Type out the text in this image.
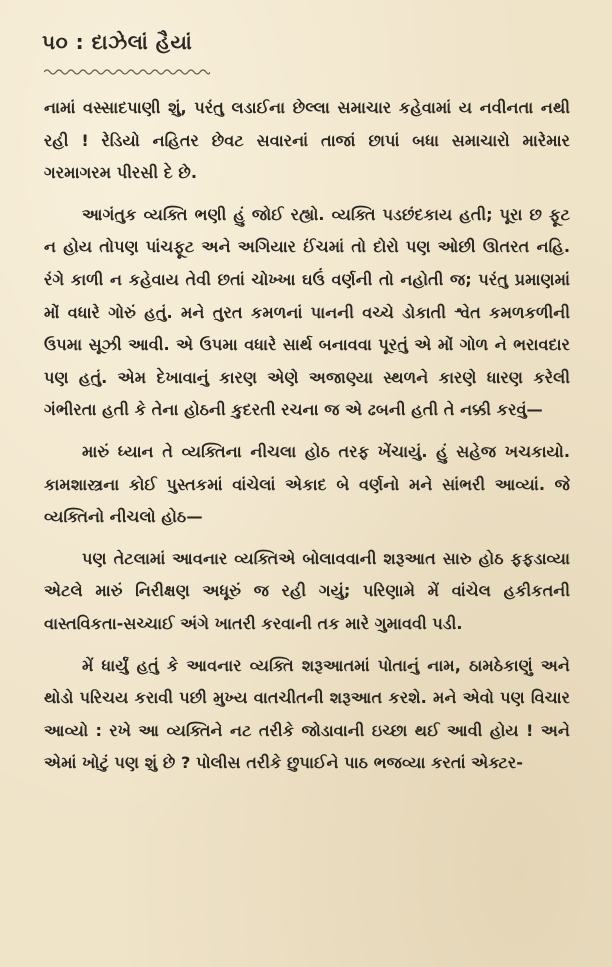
૫૦ : દાઝેલાં હૈયાં

નામાં વસ્સાદપાણી શું, પરંતુ લડાઈના છેલ્લા સમાચાર કહેવામાં ય નવીનતા નથી રહી ! રેડિયો નહિતર છેવટ સવારનાં તાજાં છાપાં બધા સમાચારો મારેમાર ગરમાગરમ પીરસી દે છે.

આગંતુક વ્યક્તિ ભણી હું જોઈ રહ્યો. વ્યક્તિ પડછંદકાય હતી; પૂરા છ ફૂટ ન હોય તોપણ પાંચફૂટ અને અગિયાર ઈંચમાં તો દોરો પણ ઓછી ઊતરત નહિ. રંગે કાળી ન કહેવાય તેવી છતાં ચોખ્ખા ઘઉં વર્ણની તો નહોતી જ; પરંતુ પ્રમાણમાં મોં વધારે ગોરું હતું. મને તુરત કમળનાં પાનની વચ્ચે ડોકાતી શ્વેત કમળકળીની ઉપમા સૂઝી આવી. એ ઉપમા વધારે સાર્થ બનાવવા પૂરતું એ મોં ગોળ ને ભરાવદાર પણ હતું. એમ દેખાવાનું કારણ એણે અજાણ્યા સ્થળને કારણે ધારણ કરેલી ગંભીરતા હતી કે તેના હોઠની કુદરતી રચના જ એ ઢબની હતી તે નક્કી કરવું—

મારું ધ્યાન તે વ્યક્તિના નીચલા હોઠ તરફ ખેંચાયું. હું સહેજ ખચકાયો. કામશાસ્ત્રના કોઈ પુસ્તકમાં વાંચેલાં એકાદ બે વર્ણનો મને સાંભરી આવ્યાં. જે વ્યક્તિનો નીચલો હોઠ—

પણ તેટલામાં આવનાર વ્યક્તિએ બોલાવવાની શરૂઆત સારુ હોઠ ફફડાવ્યા એટલે મારું નિરીક્ષણ અધૂરું જ રહી ગયું; પરિણામે મેં વાંચેલ હકીકતની વાસ્તવિકતા-સચ્ચાઈ અંગે ખાતરી કરવાની તક મારે ગુમાવવી પડી.

મેં ધાર્યું હતું કે આવનાર વ્યક્તિ શરૂઆતમાં પોતાનું નામ, ઠામઠેકાણું અને થોડો પરિચય કરાવી પછી મુખ્ય વાતચીતની શરૂઆત કરશે. મને એવો પણ વિચાર આવ્યો : રખે આ વ્યક્તિને નટ તરીકે જોડાવાની ઇચ્છા થઈ આવી હોય ! અને એમાં ખોટું પણ શું છે ? પોલીસ તરીકે છુપાઈને પાઠ ભજવ્યા કરતાં એક્ટર-
